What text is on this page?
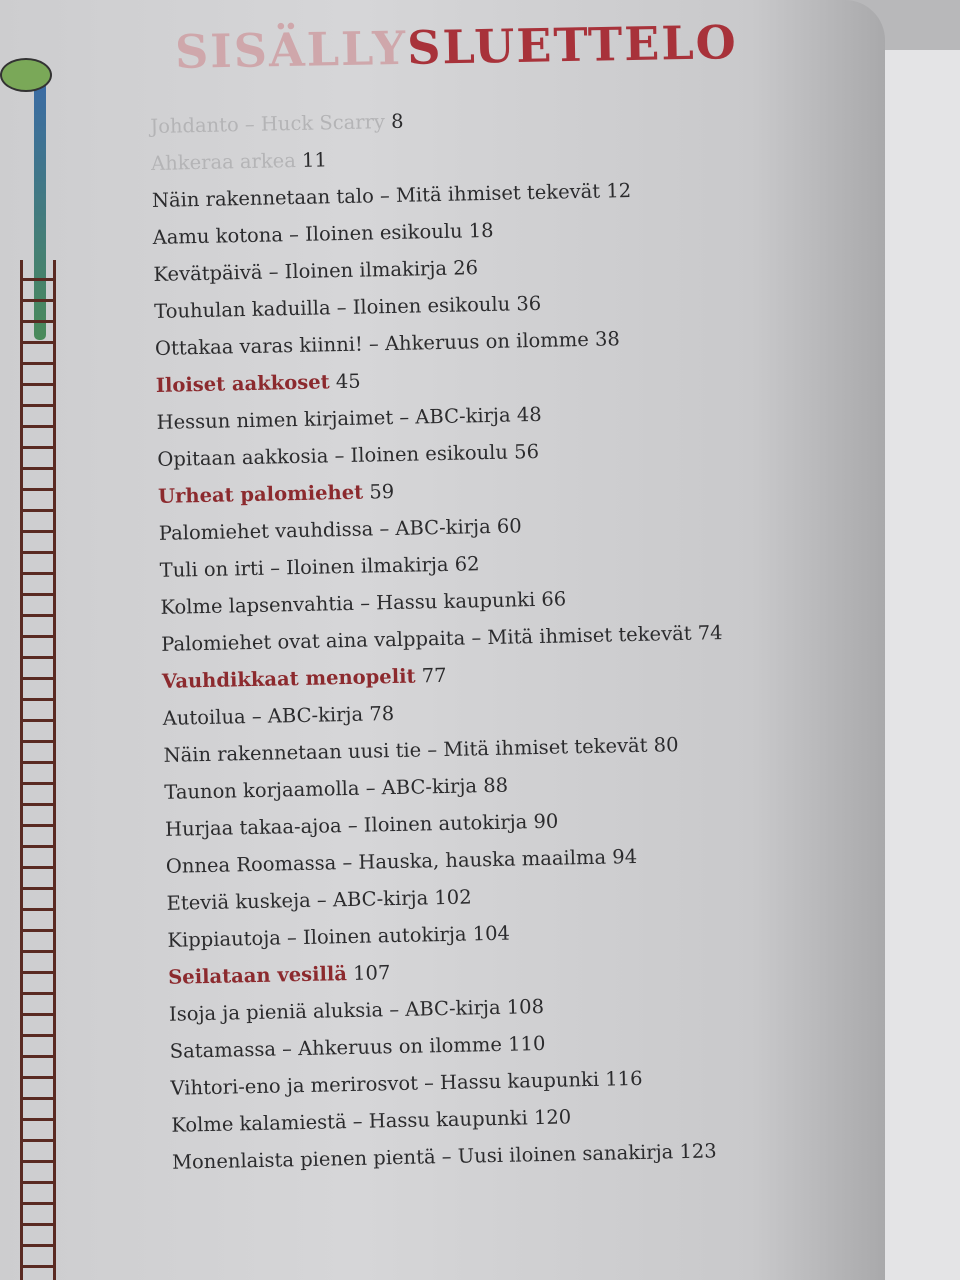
SISÄLLYSLUETTELO
Johdanto – Huck Scarry 8
Ahkeraa arkea 11
Näin rakennetaan talo – Mitä ihmiset tekevät 12
Aamu kotona – Iloinen esikoulu 18
Kevätpäivä – Iloinen ilmakirja 26
Touhulan kaduilla – Iloinen esikoulu 36
Ottakaa varas kiinni! – Ahkeruus on ilomme 38
Iloiset aakkoset 45
Hessun nimen kirjaimet – ABC-kirja 48
Opitaan aakkosia – Iloinen esikoulu 56
Urheat palomiehet 59
Palomiehet vauhdissa – ABC-kirja 60
Tuli on irti – Iloinen ilmakirja 62
Kolme lapsenvahtia – Hassu kaupunki 66
Palomiehet ovat aina valppaita – Mitä ihmiset tekevät 74
Vauhdikkaat menopelit 77
Autoilua – ABC-kirja 78
Näin rakennetaan uusi tie – Mitä ihmiset tekevät 80
Taunon korjaamolla – ABC-kirja 88
Hurjaa takaa-ajoa – Iloinen autokirja 90
Onnea Roomassa – Hauska, hauska maailma 94
Eteviä kuskeja – ABC-kirja 102
Kippiautoja – Iloinen autokirja 104
Seilataan vesillä 107
Isoja ja pieniä aluksia – ABC-kirja 108
Satamassa – Ahkeruus on ilomme 110
Vihtori-eno ja merirosvot – Hassu kaupunki 116
Kolme kalamiestä – Hassu kaupunki 120
Monenlaista pienen pientä – Uusi iloinen sanakirja 123
